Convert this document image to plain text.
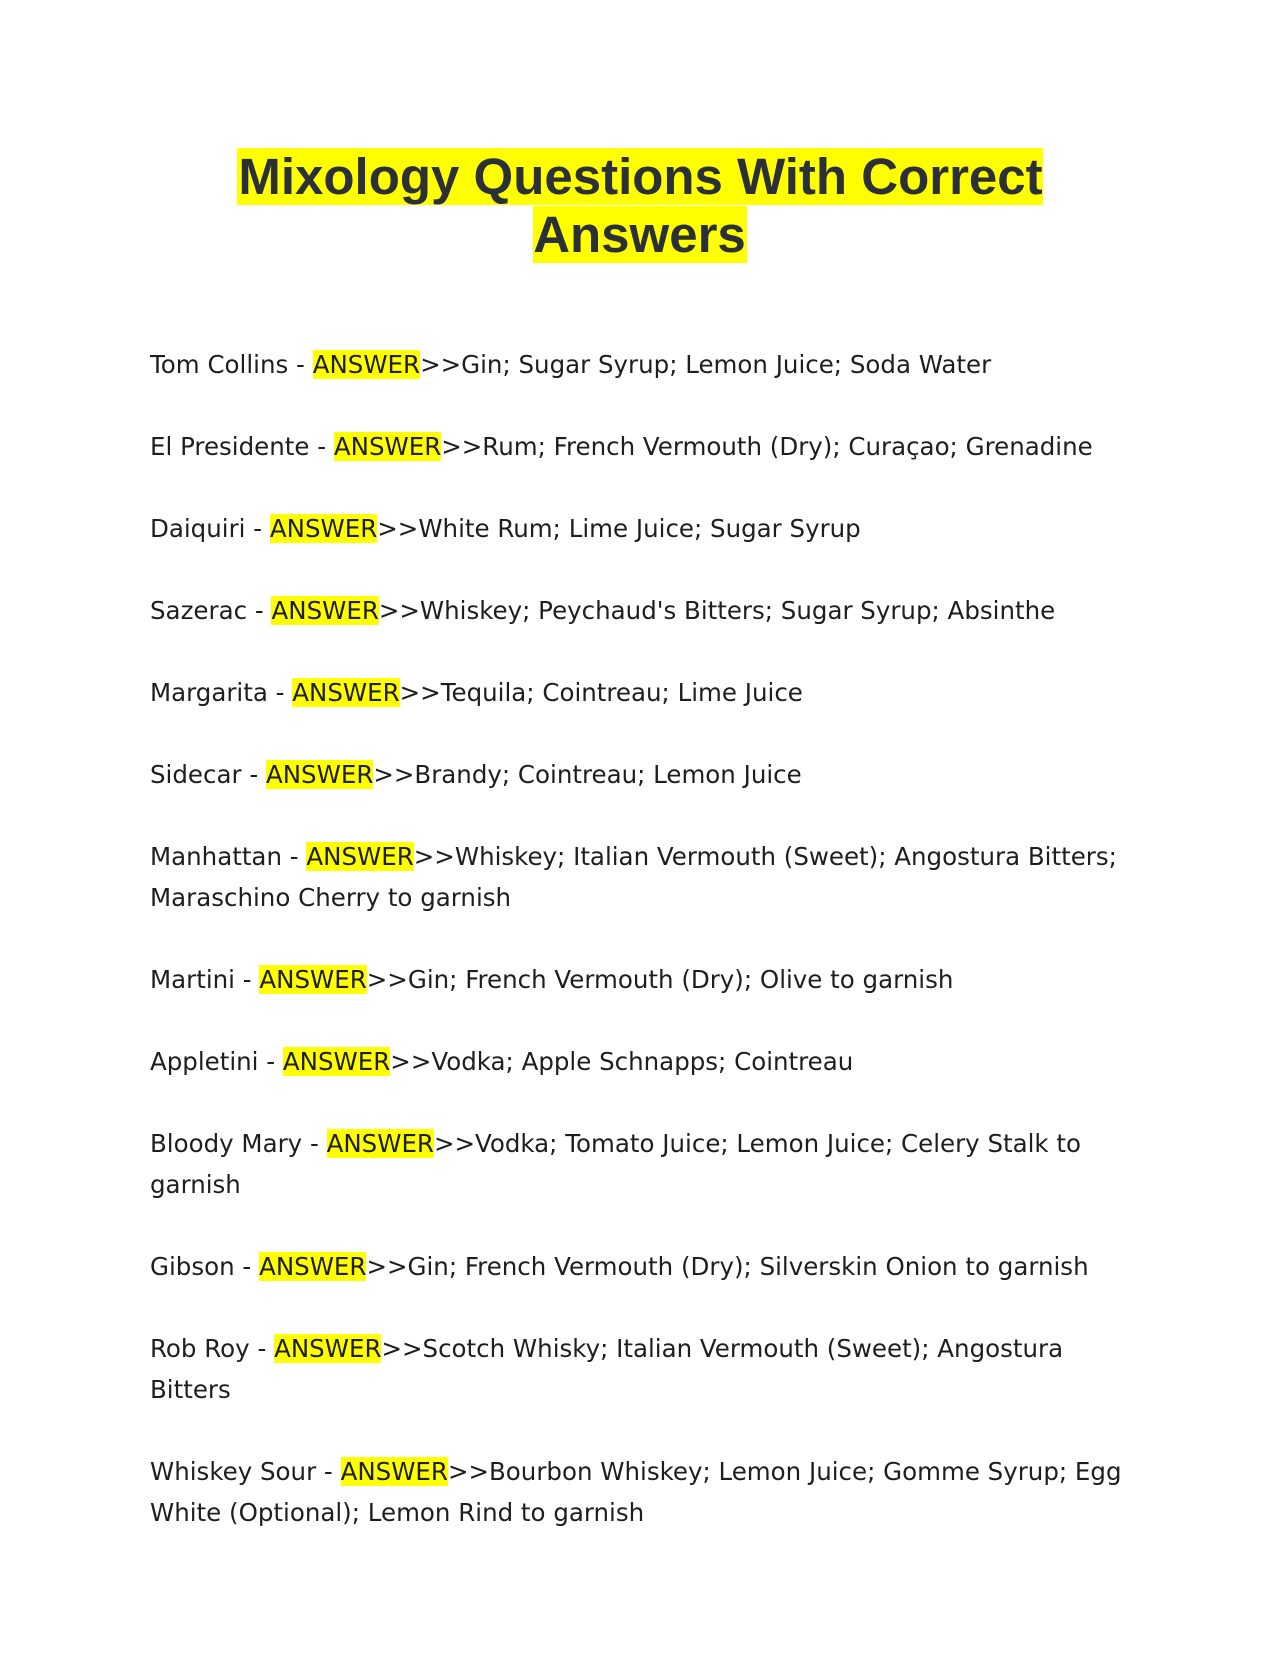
Mixology Questions With Correct Answers
Tom Collins - ANSWER>>Gin; Sugar Syrup; Lemon Juice; Soda Water
El Presidente - ANSWER>>Rum; French Vermouth (Dry); Curaçao; Grenadine
Daiquiri - ANSWER>>White Rum; Lime Juice; Sugar Syrup
Sazerac - ANSWER>>Whiskey; Peychaud's Bitters; Sugar Syrup; Absinthe
Margarita - ANSWER>>Tequila; Cointreau; Lime Juice
Sidecar - ANSWER>>Brandy; Cointreau; Lemon Juice
Manhattan - ANSWER>>Whiskey; Italian Vermouth (Sweet); Angostura Bitters; Maraschino Cherry to garnish
Martini - ANSWER>>Gin; French Vermouth (Dry); Olive to garnish
Appletini - ANSWER>>Vodka; Apple Schnapps; Cointreau
Bloody Mary - ANSWER>>Vodka; Tomato Juice; Lemon Juice; Celery Stalk to garnish
Gibson - ANSWER>>Gin; French Vermouth (Dry); Silverskin Onion to garnish
Rob Roy - ANSWER>>Scotch Whisky; Italian Vermouth (Sweet); Angostura Bitters
Whiskey Sour - ANSWER>>Bourbon Whiskey; Lemon Juice; Gomme Syrup; Egg White (Optional); Lemon Rind to garnish
